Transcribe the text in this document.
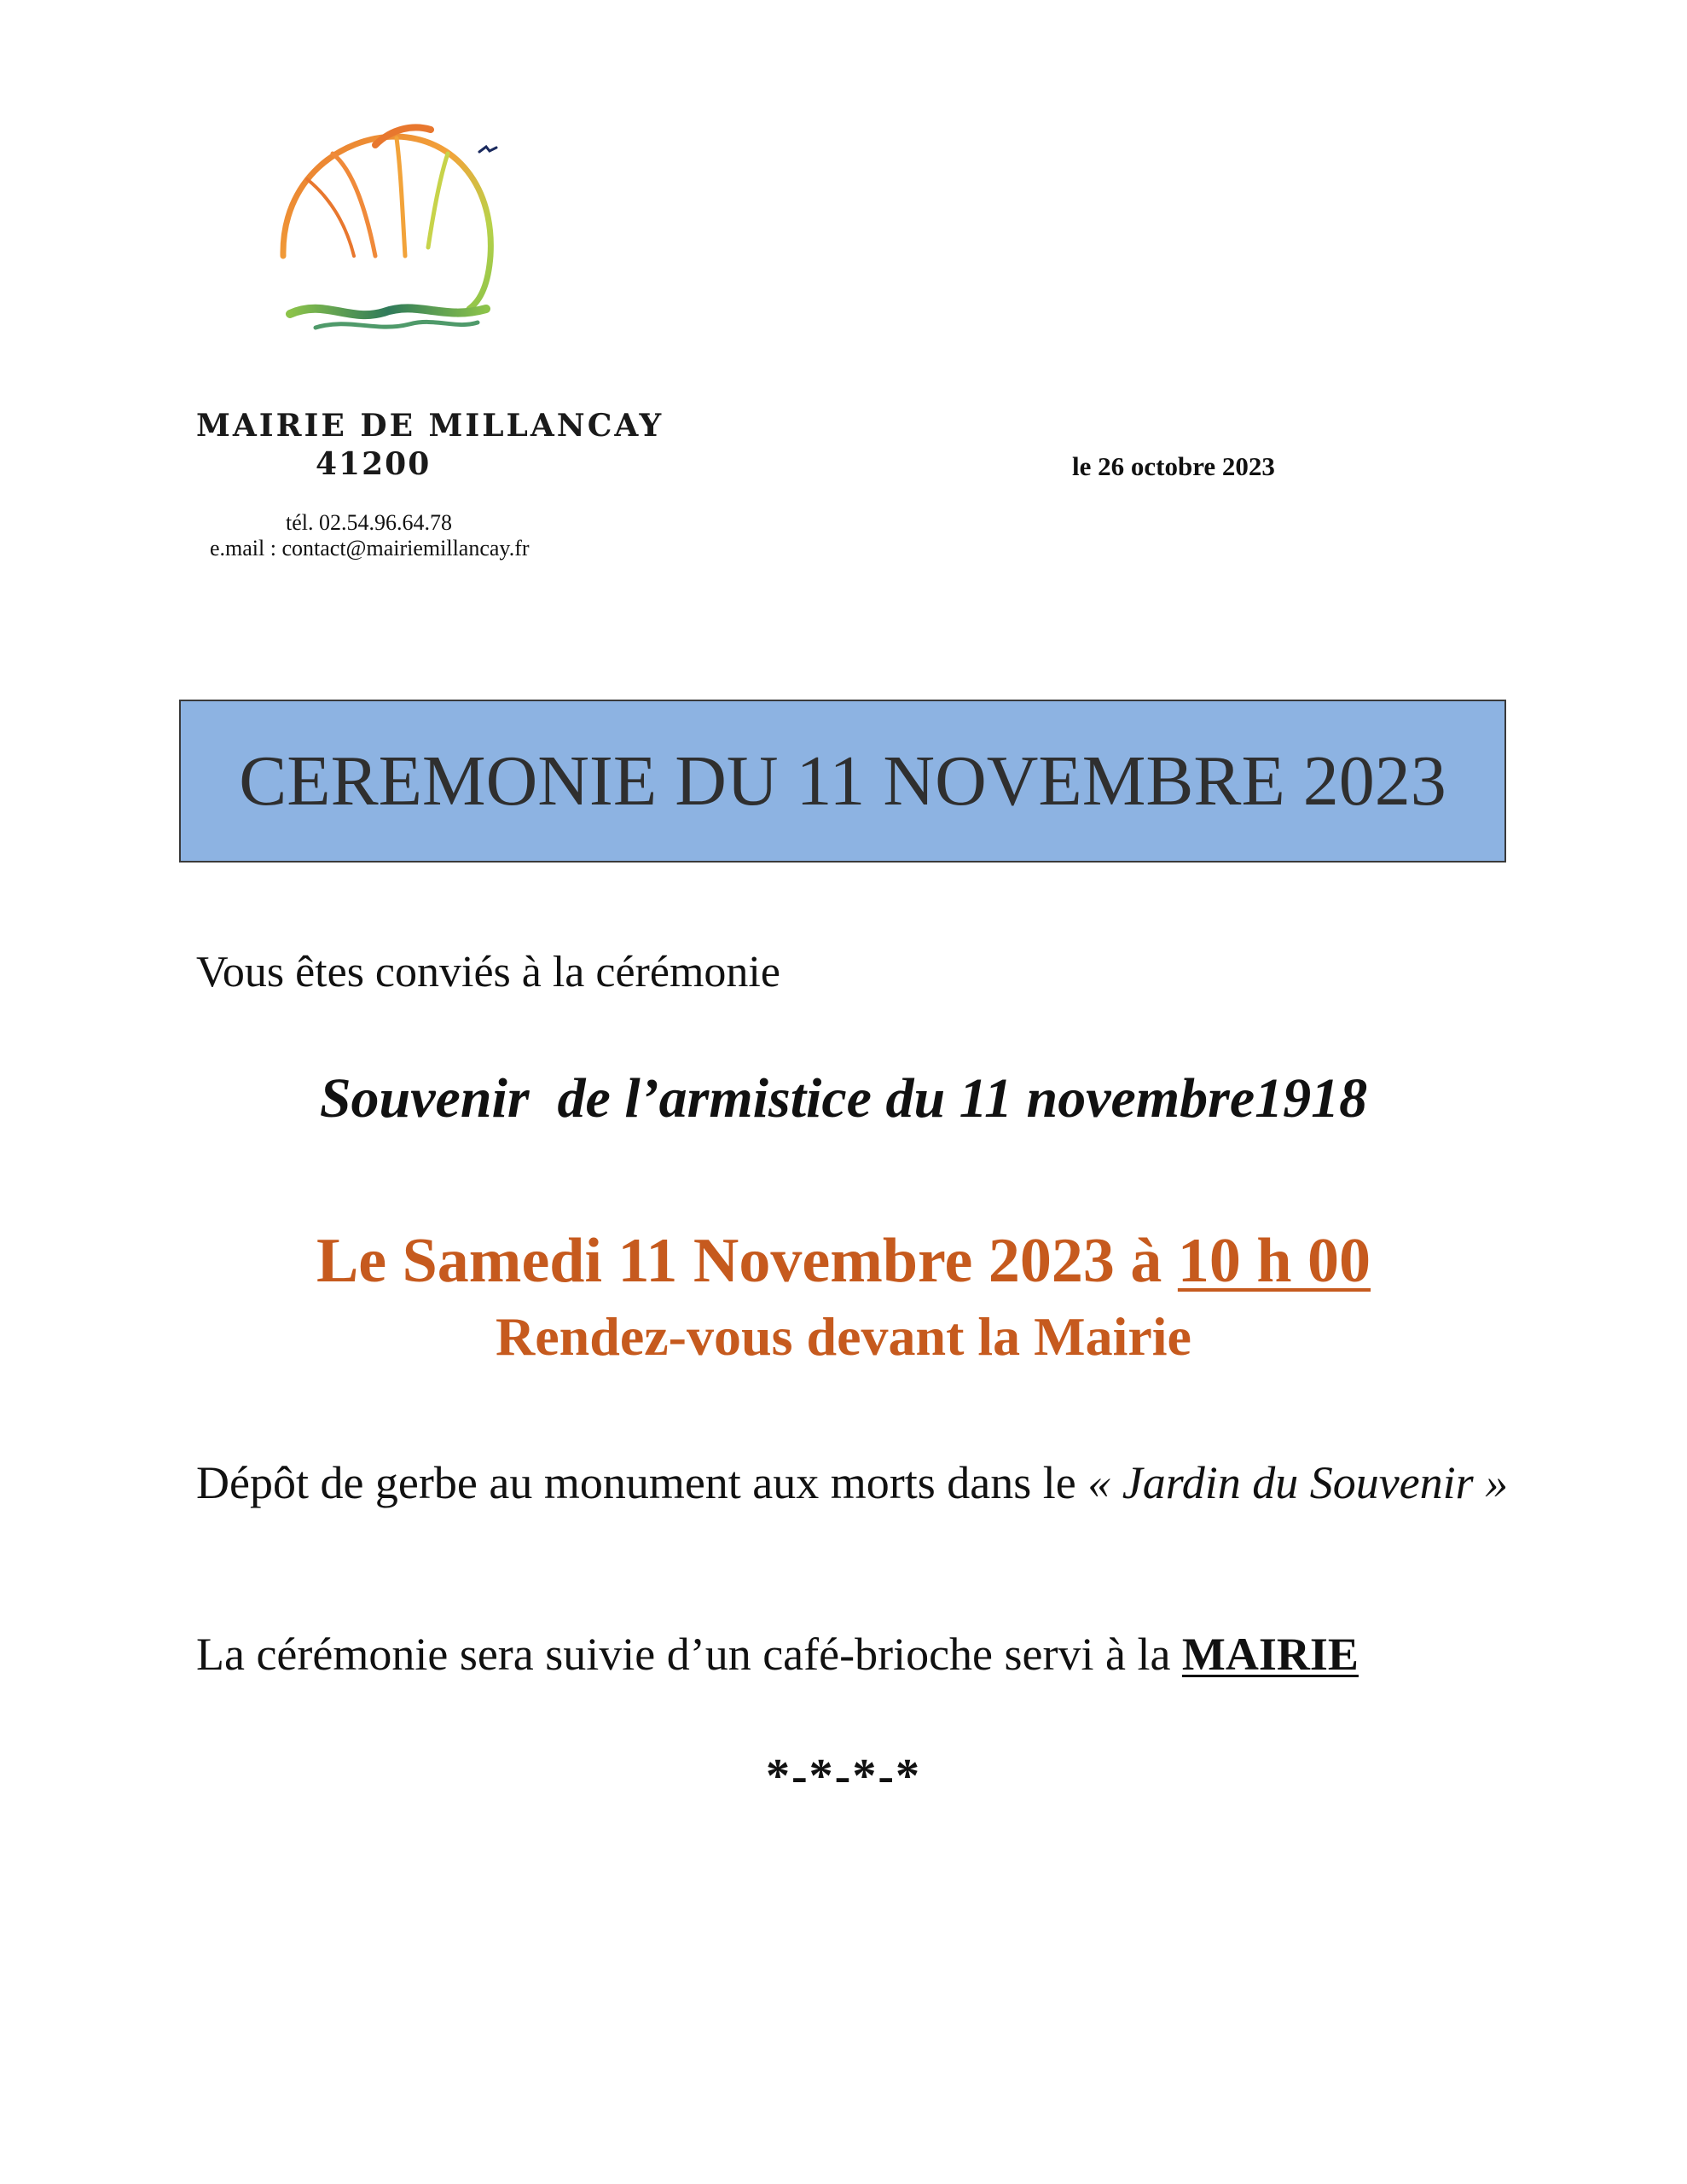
MAIRIE DE MILLANCAY
41200	le 26 octobre 2023
tél. 02.54.96.64.78
e.mail : contact@mairiemillancay.fr
CEREMONIE DU 11 NOVEMBRE 2023
Vous êtes conviés à la cérémonie
Souvenir  de l’armistice du 11 novembre1918
Le Samedi 11 Novembre 2023 à 10 h 00
Rendez-vous devant la Mairie
Dépôt de gerbe au monument aux morts dans le « Jardin du Souvenir »
La cérémonie sera suivie d’un café-brioche servi à la MAIRIE
*-*-*-*
